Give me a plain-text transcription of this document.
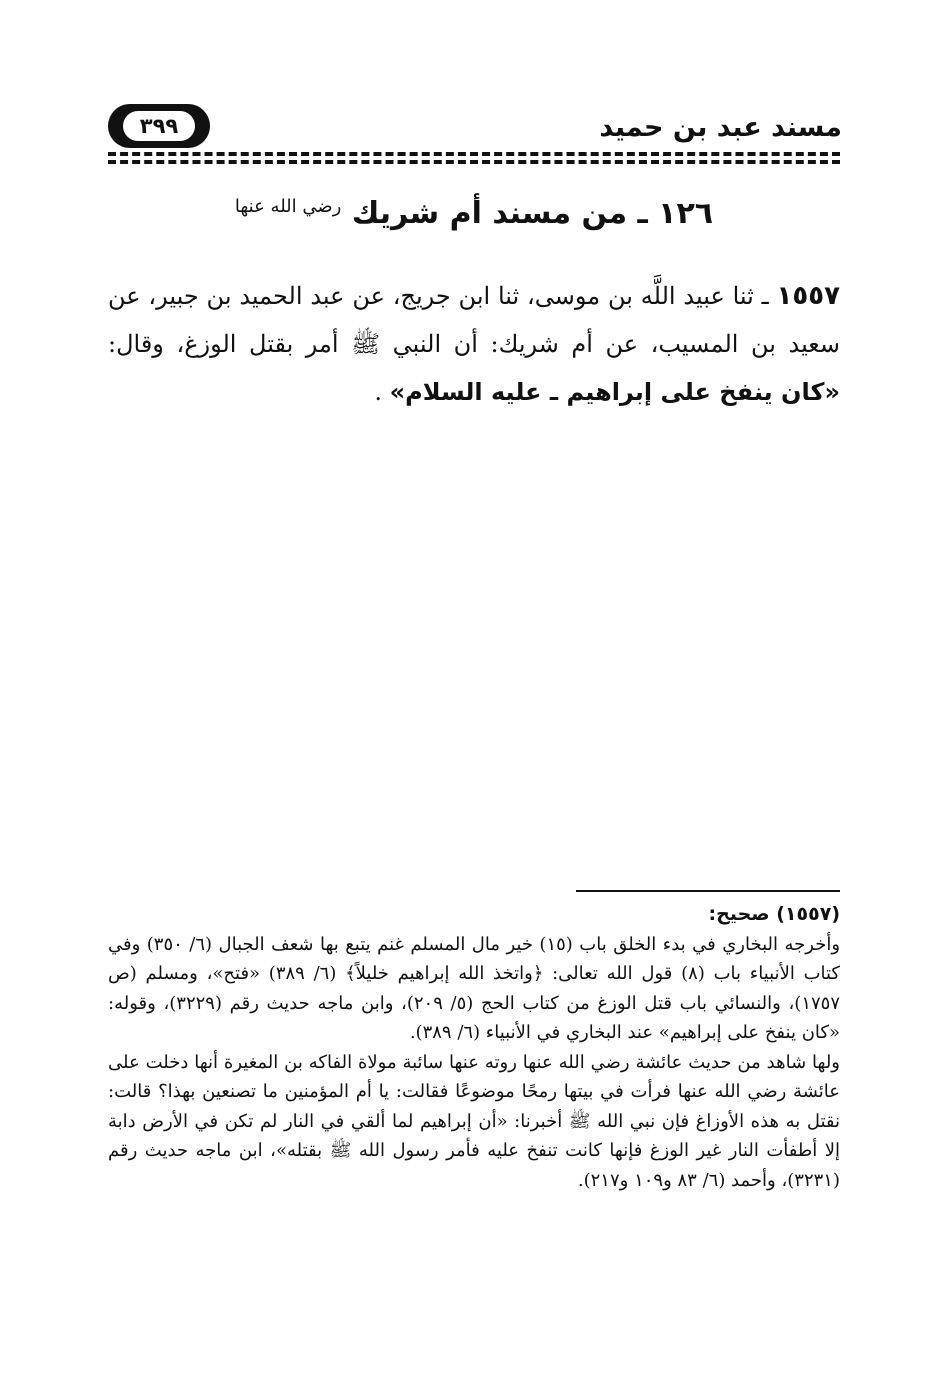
مسند عبد بن حميد
٣٩٩
١٢٦ ـ من مسند أم شريك $^{رضي الله عنها}$
١٥٥٧ ـ ثنا عبيد اللَّه بن موسى، ثنا ابن جريج، عن عبد الحميد بن جبير، عن سعيد بن المسيب، عن أم شريك: أن النبي ﷺ أمر بقتل الوزغ، وقال: «كان ينفخ على إبراهيم ـ عليه السلام» .
(١٥٥٧) صحيح:

وأخرجه البخاري في بدء الخلق باب (١٥) خير مال المسلم غنم يتبع بها شعف الجبال (٦/ ٣٥٠) وفي كتاب الأنبياء باب (٨) قول الله تعالى: ﴿واتخذ الله إبراهيم خليلاً﴾ (٦/ ٣٨٩) «فتح»، ومسلم (ص ١٧٥٧)، والنسائي باب قتل الوزغ من كتاب الحج (٥/ ٢٠٩)، وابن ماجه حديث رقم (٣٢٢٩)، وقوله: «كان ينفخ على إبراهيم» عند البخاري في الأنبياء (٦/ ٣٨٩).

ولها شاهد من حديث عائشة رضي الله عنها روته عنها سائبة مولاة الفاكه بن المغيرة أنها دخلت على عائشة رضي الله عنها فرأت في بيتها رمحًا موضوعًا فقالت: يا أم المؤمنين ما تصنعين بهذا؟ قالت: نقتل به هذه الأوزاغ فإن نبي الله ﷺ أخبرنا: «أن إبراهيم لما ألقي في النار لم تكن في الأرض دابة إلا أطفأت النار غير الوزغ فإنها كانت تنفخ عليه فأمر رسول الله ﷺ بقتله»، ابن ماجه حديث رقم (٣٢٣١)، وأحمد (٦/ ٨٣ و١٠٩ و٢١٧).
